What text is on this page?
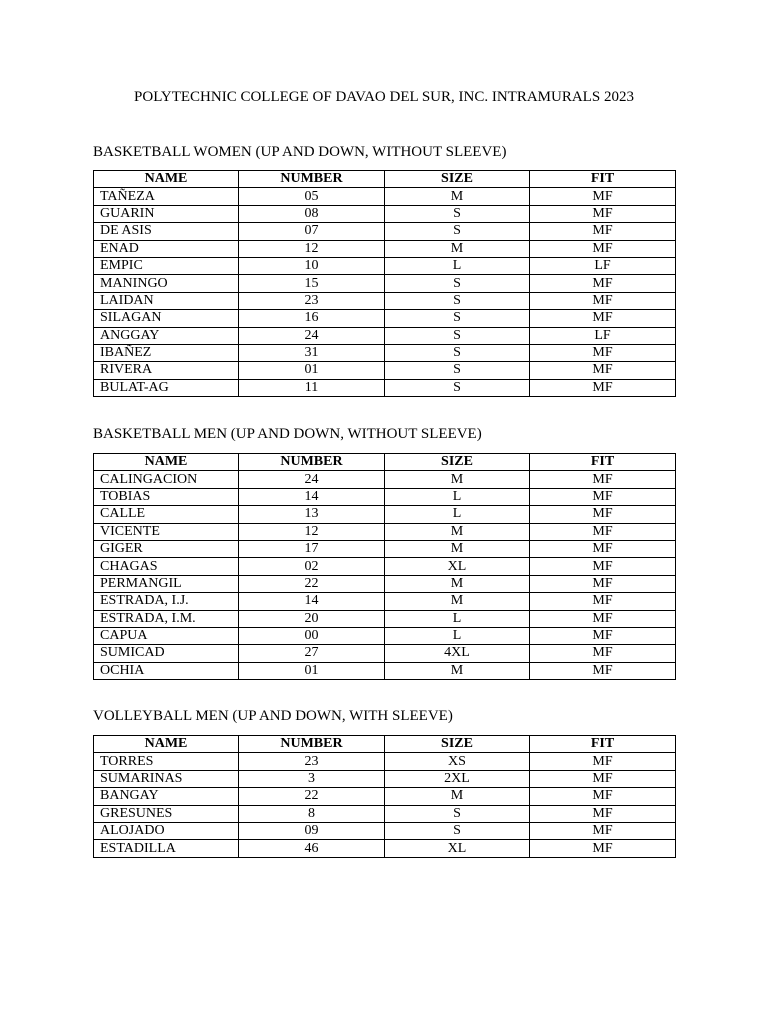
POLYTECHNIC COLLEGE OF DAVAO DEL SUR, INC. INTRAMURALS 2023
BASKETBALL WOMEN (UP AND DOWN, WITHOUT SLEEVE)
NAME	NUMBER	SIZE	FIT
TAÑEZA	05	M	MF
GUARIN	08	S	MF
DE ASIS	07	S	MF
ENAD	12	M	MF
EMPIC	10	L	LF
MANINGO	15	S	MF
LAIDAN	23	S	MF
SILAGAN	16	S	MF
ANGGAY	24	S	LF
IBAÑEZ	31	S	MF
RIVERA	01	S	MF
BULAT-AG	11	S	MF
BASKETBALL MEN (UP AND DOWN, WITHOUT SLEEVE)
NAME	NUMBER	SIZE	FIT
CALINGACION	24	M	MF
TOBIAS	14	L	MF
CALLE	13	L	MF
VICENTE	12	M	MF
GIGER	17	M	MF
CHAGAS	02	XL	MF
PERMANGIL	22	M	MF
ESTRADA, I.J.	14	M	MF
ESTRADA, I.M.	20	L	MF
CAPUA	00	L	MF
SUMICAD	27	4XL	MF
OCHIA	01	M	MF
VOLLEYBALL MEN (UP AND DOWN, WITH SLEEVE)
NAME	NUMBER	SIZE	FIT
TORRES	23	XS	MF
SUMARINAS	3	2XL	MF
BANGAY	22	M	MF
GRESUNES	8	S	MF
ALOJADO	09	S	MF
ESTADILLA	46	XL	MF
